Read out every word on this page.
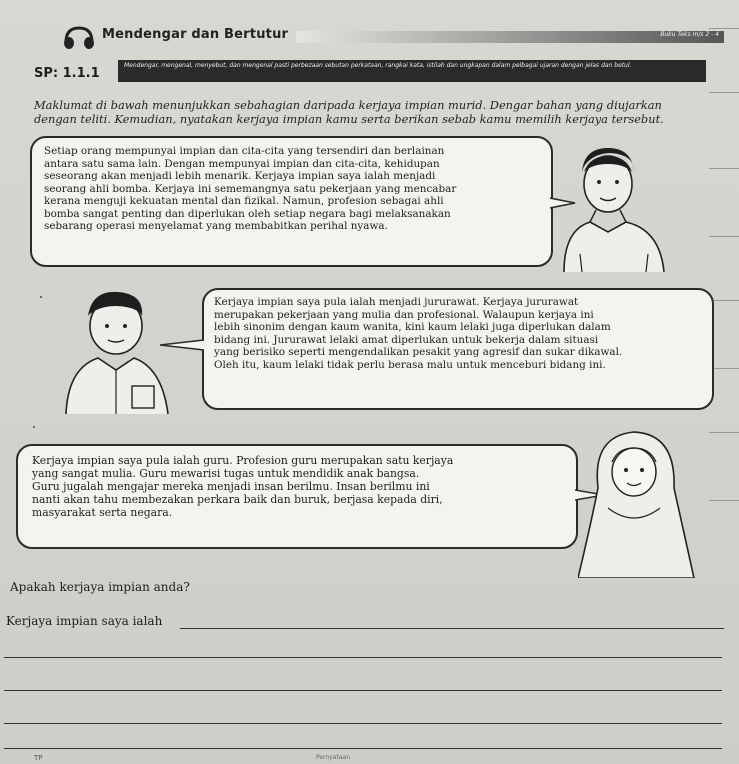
Mendengar dan Bertutur	Buku Teks m/s 2 - 4
SP: 1.1.1
Mendengar, mengenal, menyebut, dan mengenal pasti perbezaan sebutan perkataan, rangkai kata, istilah dan ungkapan dalam pelbagai ujaran dengan jelas dan betul.
Maklumat di bawah menunjukkan sebahagian daripada kerjaya impian murid. Dengar bahan yang diujarkan dengan teliti. Kemudian, nyatakan kerjaya impian kamu serta berikan sebab kamu memilih kerjaya tersebut.
Setiap orang mempunyai impian dan cita-cita yang tersendiri dan berlainan
antara satu sama lain. Dengan mempunyai impian dan cita-cita, kehidupan
seseorang akan menjadi lebih menarik. Kerjaya impian saya ialah menjadi
seorang ahli bomba. Kerjaya ini sememangnya satu pekerjaan yang mencabar
kerana menguji kekuatan mental dan fizikal. Namun, profesion sebagai ahli
bomba sangat penting dan diperlukan oleh setiap negara bagi melaksanakan
sebarang operasi menyelamat yang membabitkan perihal nyawa.
Kerjaya impian saya pula ialah menjadi jururawat. Kerjaya jururawat
merupakan pekerjaan yang mulia dan profesional. Walaupun kerjaya ini
lebih sinonim dengan kaum wanita, kini kaum lelaki juga diperlukan dalam
bidang ini. Jururawat lelaki amat diperlukan untuk bekerja dalam situasi
yang berisiko seperti mengendalikan pesakit yang agresif dan sukar dikawal.
Oleh itu, kaum lelaki tidak perlu berasa malu untuk menceburi bidang ini.
Kerjaya impian saya pula ialah guru. Profesion guru merupakan satu kerjaya
yang sangat mulia. Guru mewarisi tugas untuk mendidik anak bangsa.
Guru jugalah mengajar mereka menjadi insan berilmu. Insan berilmu ini
nanti akan tahu membezakan perkara baik dan buruk, berjasa kepada diri,
masyarakat serta negara.
Apakah kerjaya impian anda?
Kerjaya impian saya ialah
TP	Pernyataan
